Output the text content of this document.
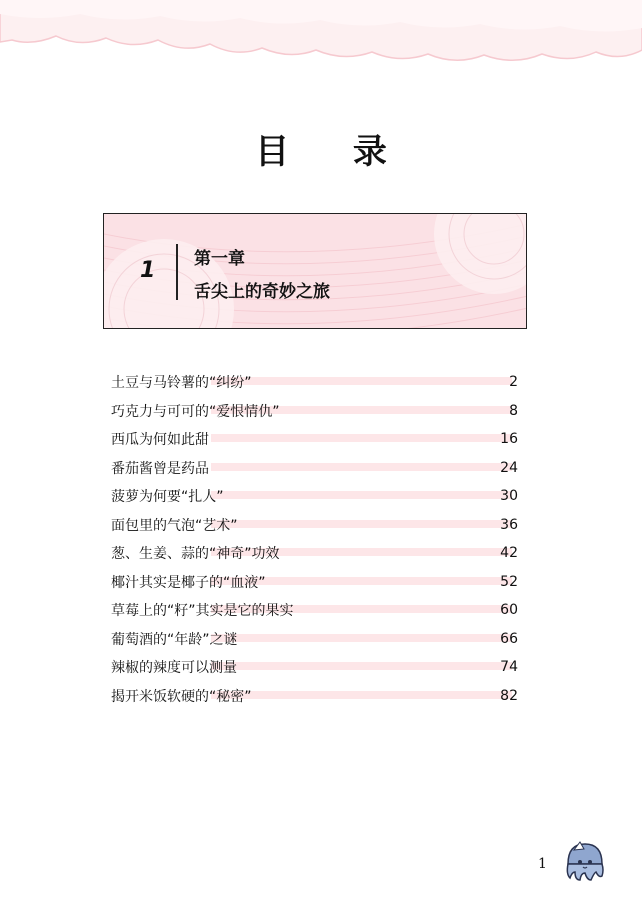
目 录
1 第一章
舌尖上的奇妙之旅
土豆与马铃薯的“纠纷”	2
巧克力与可可的“爱恨情仇”	8
西瓜为何如此甜	16
番茄酱曾是药品	24
菠萝为何要“扎人”	30
面包里的气泡“艺术”	36
葱、生姜、蒜的“神奇”功效	42
椰汁其实是椰子的“血液”	52
草莓上的“籽”其实是它的果实	60
葡萄酒的“年龄”之谜	66
辣椒的辣度可以测量	74
揭开米饭软硬的“秘密”	82
1
